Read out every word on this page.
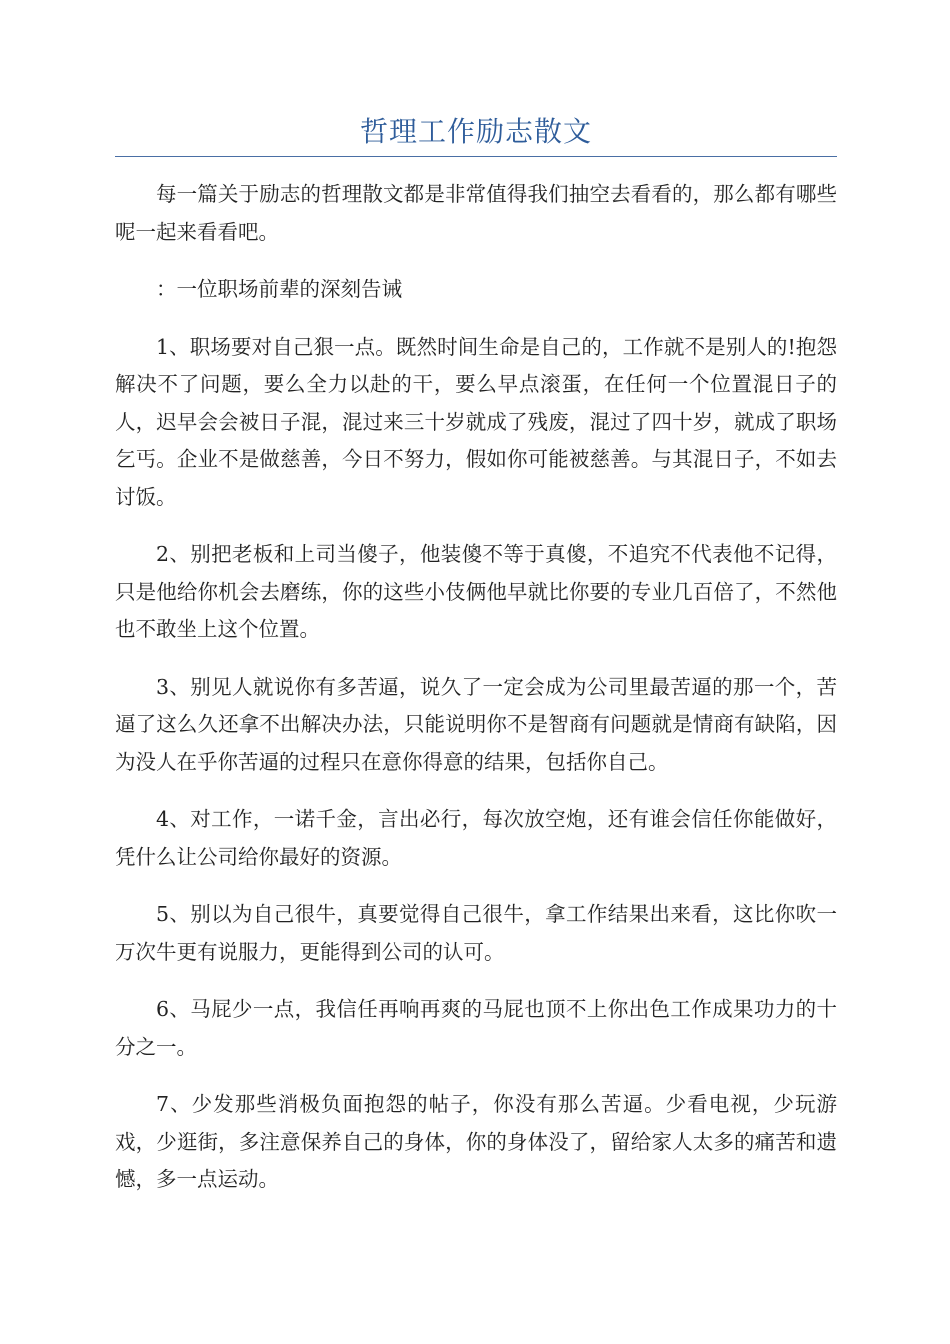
哲理工作励志散文

每一篇关于励志的哲理散文都是非常值得我们抽空去看看的，那么都有哪些呢一起来看看吧。

：一位职场前辈的深刻告诫

1、职场要对自己狠一点。既然时间生命是自己的，工作就不是别人的!抱怨解决不了问题，要么全力以赴的干，要么早点滚蛋，在任何一个位置混日子的人，迟早会会被日子混，混过来三十岁就成了残废，混过了四十岁，就成了职场乞丐。企业不是做慈善，今日不努力，假如你可能被慈善。与其混日子，不如去讨饭。

2、别把老板和上司当傻子，他装傻不等于真傻，不追究不代表他不记得，只是他给你机会去磨练，你的这些小伎俩他早就比你要的专业几百倍了，不然他也不敢坐上这个位置。

3、别见人就说你有多苦逼，说久了一定会成为公司里最苦逼的那一个，苦逼了这么久还拿不出解决办法，只能说明你不是智商有问题就是情商有缺陷，因为没人在乎你苦逼的过程只在意你得意的结果，包括你自己。

4、对工作，一诺千金，言出必行，每次放空炮，还有谁会信任你能做好，凭什么让公司给你最好的资源。

5、别以为自己很牛，真要觉得自己很牛，拿工作结果出来看，这比你吹一万次牛更有说服力，更能得到公司的认可。

6、马屁少一点，我信任再响再爽的马屁也顶不上你出色工作成果功力的十分之一。

7、少发那些消极负面抱怨的帖子，你没有那么苦逼。少看电视，少玩游戏，少逛街，多注意保养自己的身体，你的身体没了，留给家人太多的痛苦和遗憾，多一点运动。
